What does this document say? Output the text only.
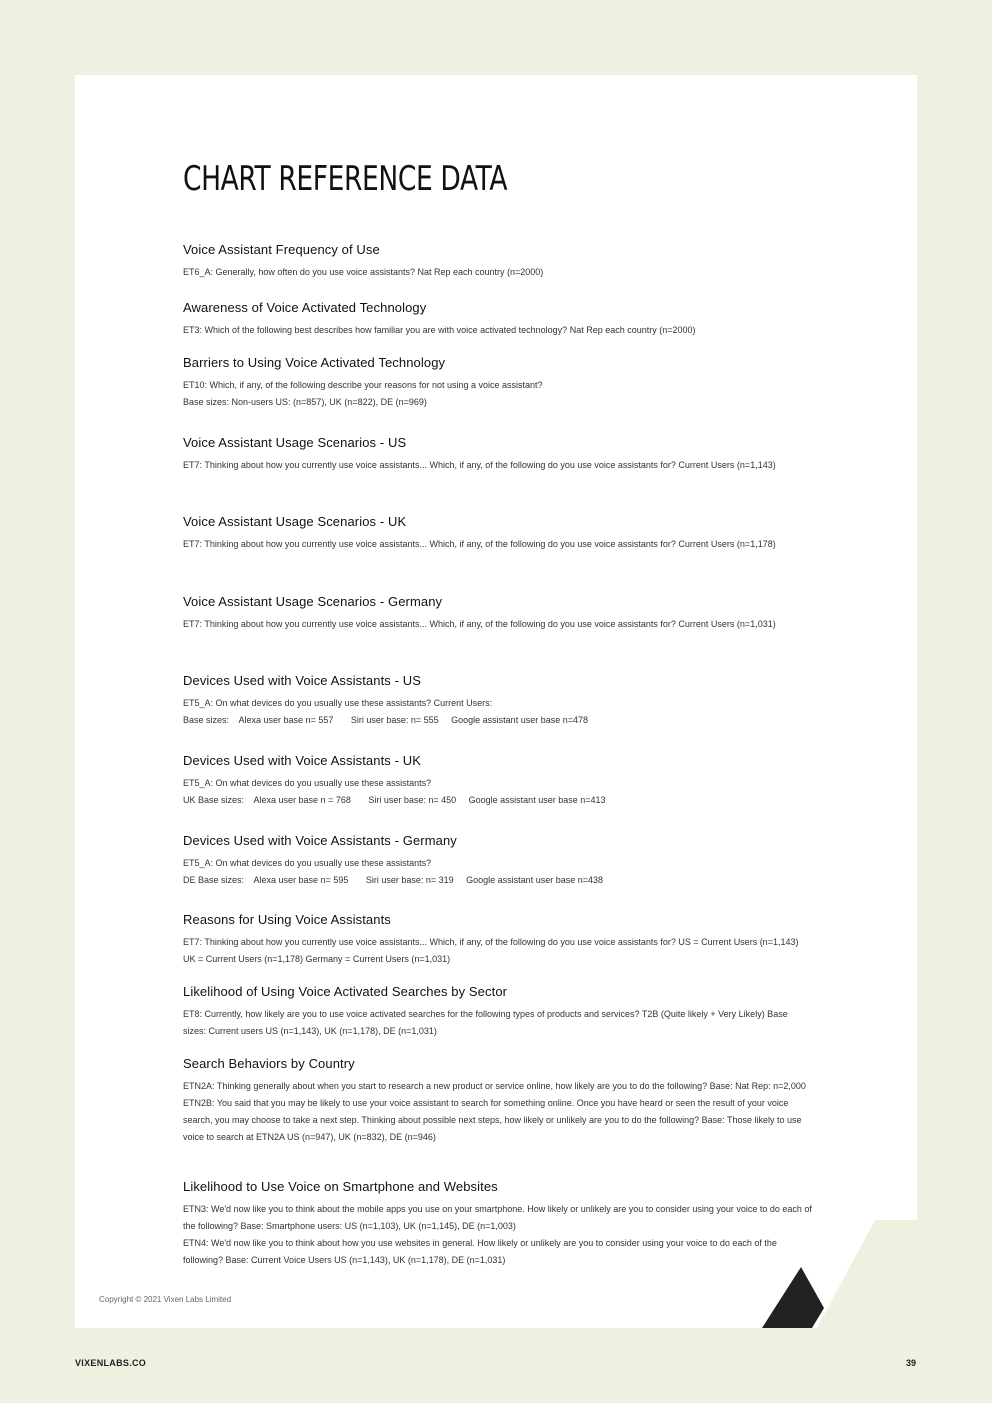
CHART REFERENCE DATA
Voice Assistant Frequency of Use

ET6_A: Generally, how often do you use voice assistants? Nat Rep each country (n=2000)

Awareness of Voice Activated Technology

ET3: Which of the following best describes how familiar you are with voice activated technology? Nat Rep each country (n=2000)

Barriers to Using Voice Activated Technology

ET10: Which, if any, of the following describe your reasons for not using a voice assistant?

Base sizes: Non-users US: (n=857), UK (n=822), DE (n=969)

Voice Assistant Usage Scenarios - US

ET7: Thinking about how you currently use voice assistants... Which, if any, of the following do you use voice assistants for? Current Users (n=1,143)

Voice Assistant Usage Scenarios - UK

ET7: Thinking about how you currently use voice assistants... Which, if any, of the following do you use voice assistants for? Current Users (n=1,178)

Voice Assistant Usage Scenarios - Germany

ET7: Thinking about how you currently use voice assistants... Which, if any, of the following do you use voice assistants for? Current Users (n=1,031)

Devices Used with Voice Assistants - US

ET5_A: On what devices do you usually use these assistants? Current Users:

Base sizes:    Alexa user base n= 557       Siri user base: n= 555     Google assistant user base n=478

Devices Used with Voice Assistants - UK

ET5_A: On what devices do you usually use these assistants?

UK Base sizes:    Alexa user base n = 768       Siri user base: n= 450     Google assistant user base n=413

Devices Used with Voice Assistants - Germany

ET5_A: On what devices do you usually use these assistants?

DE Base sizes:    Alexa user base n= 595       Siri user base: n= 319     Google assistant user base n=438

Reasons for Using Voice Assistants

ET7: Thinking about how you currently use voice assistants... Which, if any, of the following do you use voice assistants for? US = Current Users (n=1,143) UK = Current Users (n=1,178) Germany = Current Users (n=1,031)

Likelihood of Using Voice Activated Searches by Sector

ET8: Currently, how likely are you to use voice activated searches for the following types of products and services? T2B (Quite likely + Very Likely) Base sizes: Current users US (n=1,143), UK (n=1,178), DE (n=1,031)

Search Behaviors by Country

ETN2A: Thinking generally about when you start to research a new product or service online, how likely are you to do the following? Base: Nat Rep: n=2,000

ETN2B: You said that you may be likely to use your voice assistant to search for something online. Once you have heard or seen the result of your voice search, you may choose to take a next step. Thinking about possible next steps, how likely or unlikely are you to do the following? Base: Those likely to use voice to search at ETN2A US (n=947), UK (n=832), DE (n=946)

Likelihood to Use Voice on Smartphone and Websites

ETN3: We'd now like you to think about the mobile apps you use on your smartphone. How likely or unlikely are you to consider using your voice to do each of the following? Base: Smartphone users: US (n=1,103), UK (n=1,145), DE (n=1,003)

ETN4: We'd now like you to think about how you use websites in general. How likely or unlikely are you to consider using your voice to do each of the following? Base: Current Voice Users US (n=1,143), UK (n=1,178), DE (n=1,031)

Copyright © 2021 Vixen Labs Limited
VIXENLABS.CO	39
